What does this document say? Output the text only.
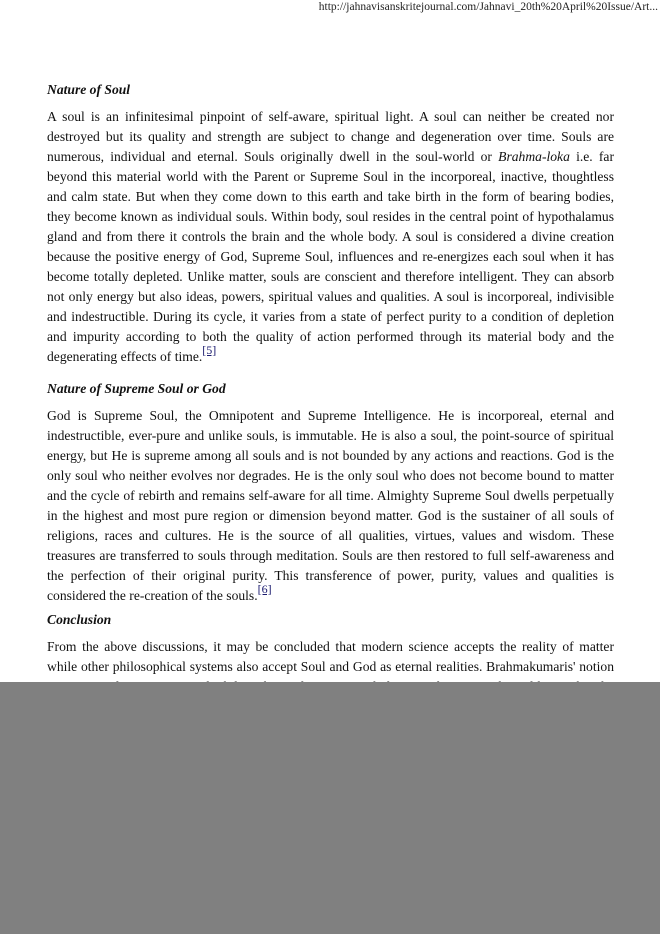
http://jahnavisanskritejournal.com/Jahnavi_20th%20April%20Issue/Art...
Nature of Soul

A soul is an infinitesimal pinpoint of self-aware, spiritual light. A soul can neither be created nor destroyed but its quality and strength are subject to change and degeneration over time. Souls are numerous, individual and eternal. Souls originally dwell in the soul-world or Brahma-loka i.e. far beyond this material world with the Parent or Supreme Soul in the incorporeal, inactive, thoughtless and calm state. But when they come down to this earth and take birth in the form of bearing bodies, they become known as individual souls. Within body, soul resides in the central point of hypothalamus gland and from there it controls the brain and the whole body. A soul is considered a divine creation because the positive energy of God, Supreme Soul, influences and re-energizes each soul when it has become totally depleted. Unlike matter, souls are conscient and therefore intelligent. They can absorb not only energy but also ideas, powers, spiritual values and qualities. A soul is incorporeal, indivisible and indestructible. During its cycle, it varies from a state of perfect purity to a condition of depletion and impurity according to both the quality of action performed through its material body and the degenerating effects of time.[5]

Nature of Supreme Soul or God

God is Supreme Soul, the Omnipotent and Supreme Intelligence. He is incorporeal, eternal and indestructible, ever-pure and unlike souls, is immutable. He is also a soul, the point-source of spiritual energy, but He is supreme among all souls and is not bounded by any actions and reactions. God is the only soul who neither evolves nor degrades. He is the only soul who does not become bound to matter and the cycle of rebirth and remains self-aware for all time. Almighty Supreme Soul dwells perpetually in the highest and most pure region or dimension beyond matter. God is the sustainer of all souls of religions, races and cultures. He is the source of all qualities, virtues, values and wisdom. These treasures are transferred to souls through meditation. Souls are then restored to full self-awareness and the perfection of their original purity. This transference of power, purity, values and qualities is considered the re-creation of the souls.[6]

Conclusion

From the above discussions, it may be concluded that modern science accepts the reality of matter while other philosophical systems also accept Soul and God as eternal realities. Brahmakumaris' notion
